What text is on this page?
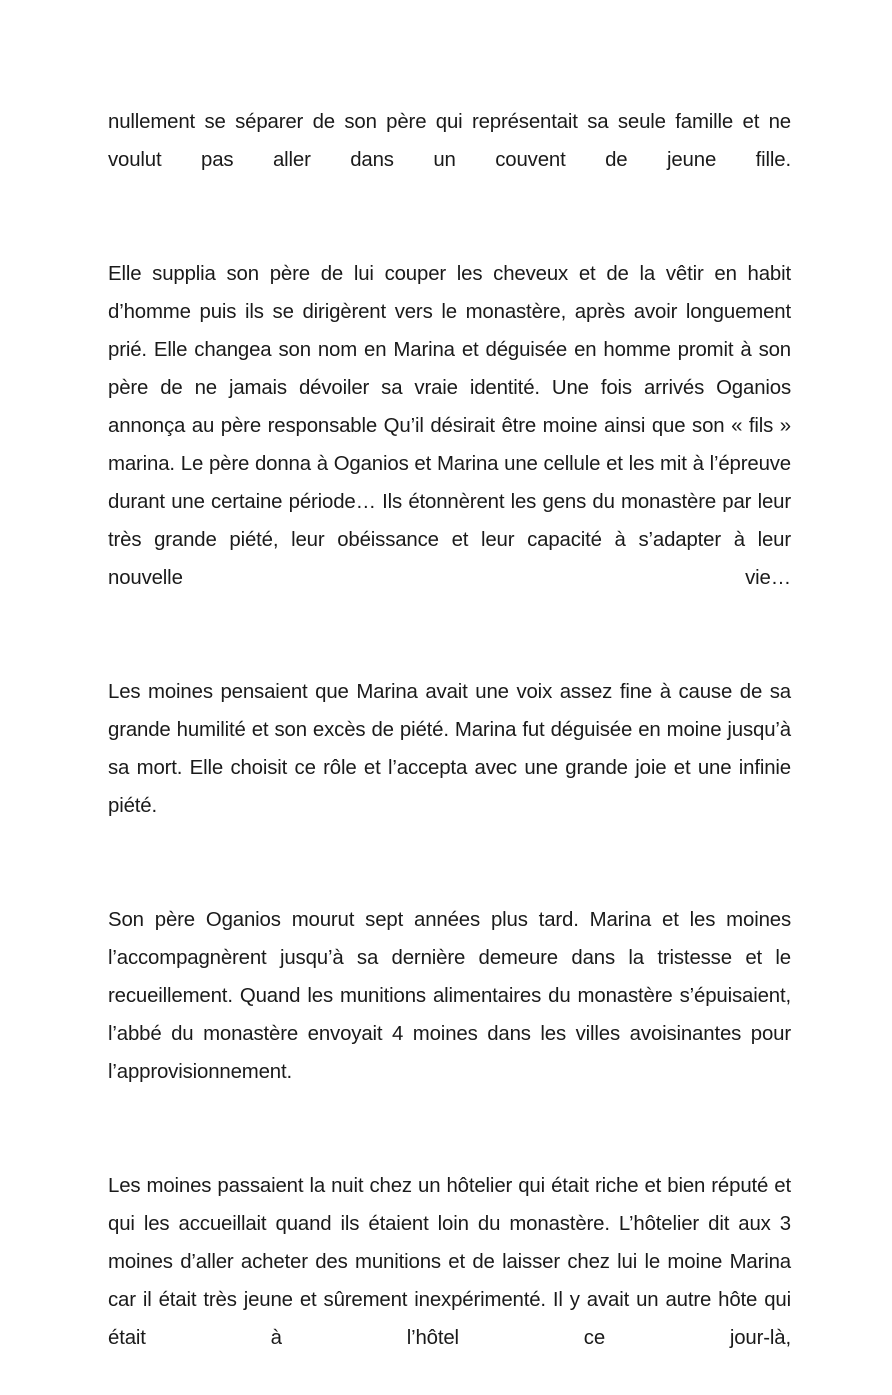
nullement se séparer de son père qui représentait sa seule famille et ne voulut pas aller dans un couvent de jeune fille.

Elle supplia son père de lui couper les cheveux et de la vêtir en habit d’homme puis ils se dirigèrent vers le monastère, après avoir longuement prié. Elle changea son nom en Marina et déguisée en homme promit à son père de ne jamais dévoiler sa vraie identité. Une fois arrivés Oganios annonça au père responsable Qu’il désirait être moine ainsi que son « fils » marina. Le père donna à Oganios et Marina une cellule et les mit à l’épreuve durant une certaine période… Ils étonnèrent les gens du monastère par leur très grande piété, leur obéissance et leur capacité à s’adapter à leur nouvelle vie…

Les moines pensaient que Marina avait une voix assez fine à cause de sa grande humilité et son excès de piété. Marina fut déguisée en moine jusqu’à sa mort. Elle choisit ce rôle et l’accepta avec une grande joie et une infinie piété.

Son père Oganios mourut sept années plus tard. Marina et les moines l’accompagnèrent jusqu’à sa dernière demeure dans la tristesse et le recueillement. Quand les munitions alimentaires du monastère s’épuisaient, l’abbé du monastère envoyait 4 moines dans les villes avoisinantes pour l’approvisionnement.

Les moines passaient la nuit chez un hôtelier qui était riche et bien réputé et qui les accueillait quand ils étaient loin du monastère. L’hôtelier dit aux 3 moines d’aller acheter des munitions et de laisser chez lui le moine Marina car il était très jeune et sûrement inexpérimenté. Il y avait un autre hôte qui était à l’hôtel ce jour-là,
